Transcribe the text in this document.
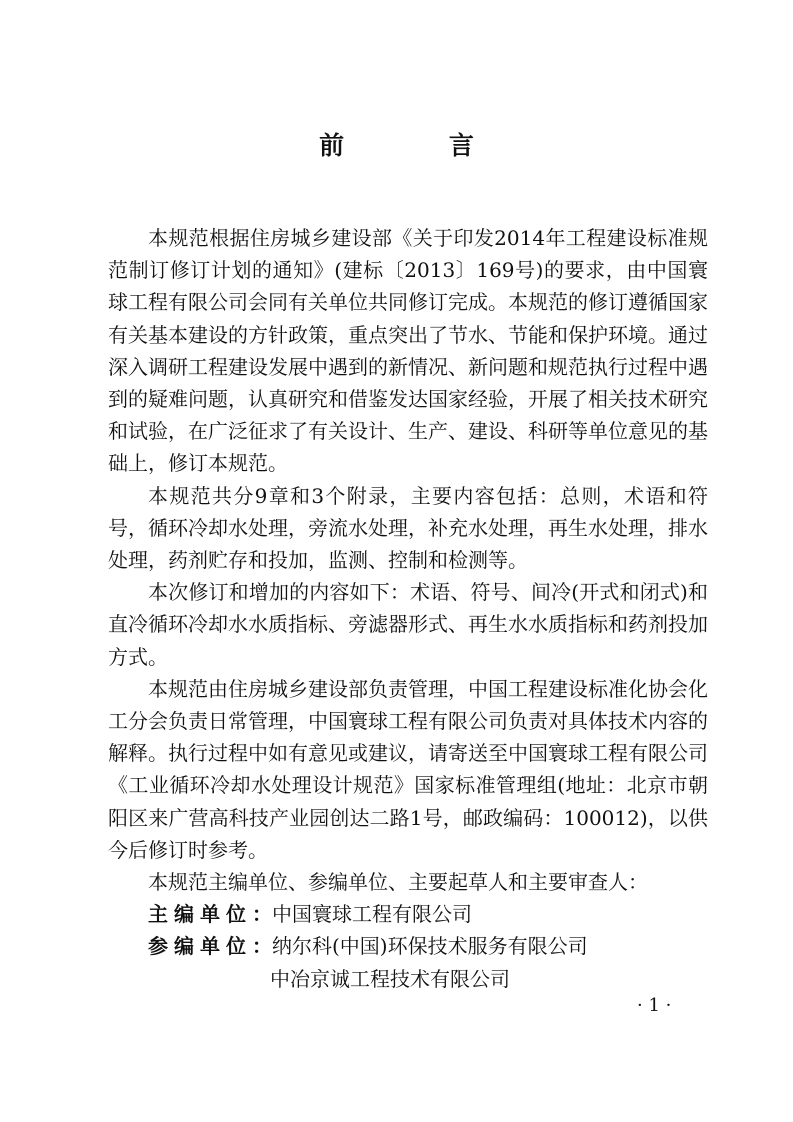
前 言

本规范根据住房城乡建设部《关于印发2014年工程建设标准规范制订修订计划的通知》(建标〔2013〕169号)的要求，由中国寰球工程有限公司会同有关单位共同修订完成。本规范的修订遵循国家有关基本建设的方针政策，重点突出了节水、节能和保护环境。通过深入调研工程建设发展中遇到的新情况、新问题和规范执行过程中遇到的疑难问题，认真研究和借鉴发达国家经验，开展了相关技术研究和试验，在广泛征求了有关设计、生产、建设、科研等单位意见的基础上，修订本规范。

本规范共分9章和3个附录，主要内容包括：总则，术语和符号，循环冷却水处理，旁流水处理，补充水处理，再生水处理，排水处理，药剂贮存和投加，监测、控制和检测等。

本次修订和增加的内容如下：术语、符号、间冷(开式和闭式)和直冷循环冷却水水质指标、旁滤器形式、再生水水质指标和药剂投加方式。

本规范由住房城乡建设部负责管理，中国工程建设标准化协会化工分会负责日常管理，中国寰球工程有限公司负责对具体技术内容的解释。执行过程中如有意见或建议，请寄送至中国寰球工程有限公司《工业循环冷却水处理设计规范》国家标准管理组(地址：北京市朝阳区来广营高科技产业园创达二路1号，邮政编码：100012)，以供今后修订时参考。

本规范主编单位、参编单位、主要起草人和主要审查人：

主编单位：中国寰球工程有限公司

参编单位：纳尔科(中国)环保技术服务有限公司

中冶京诚工程技术有限公司

· 1 ·
